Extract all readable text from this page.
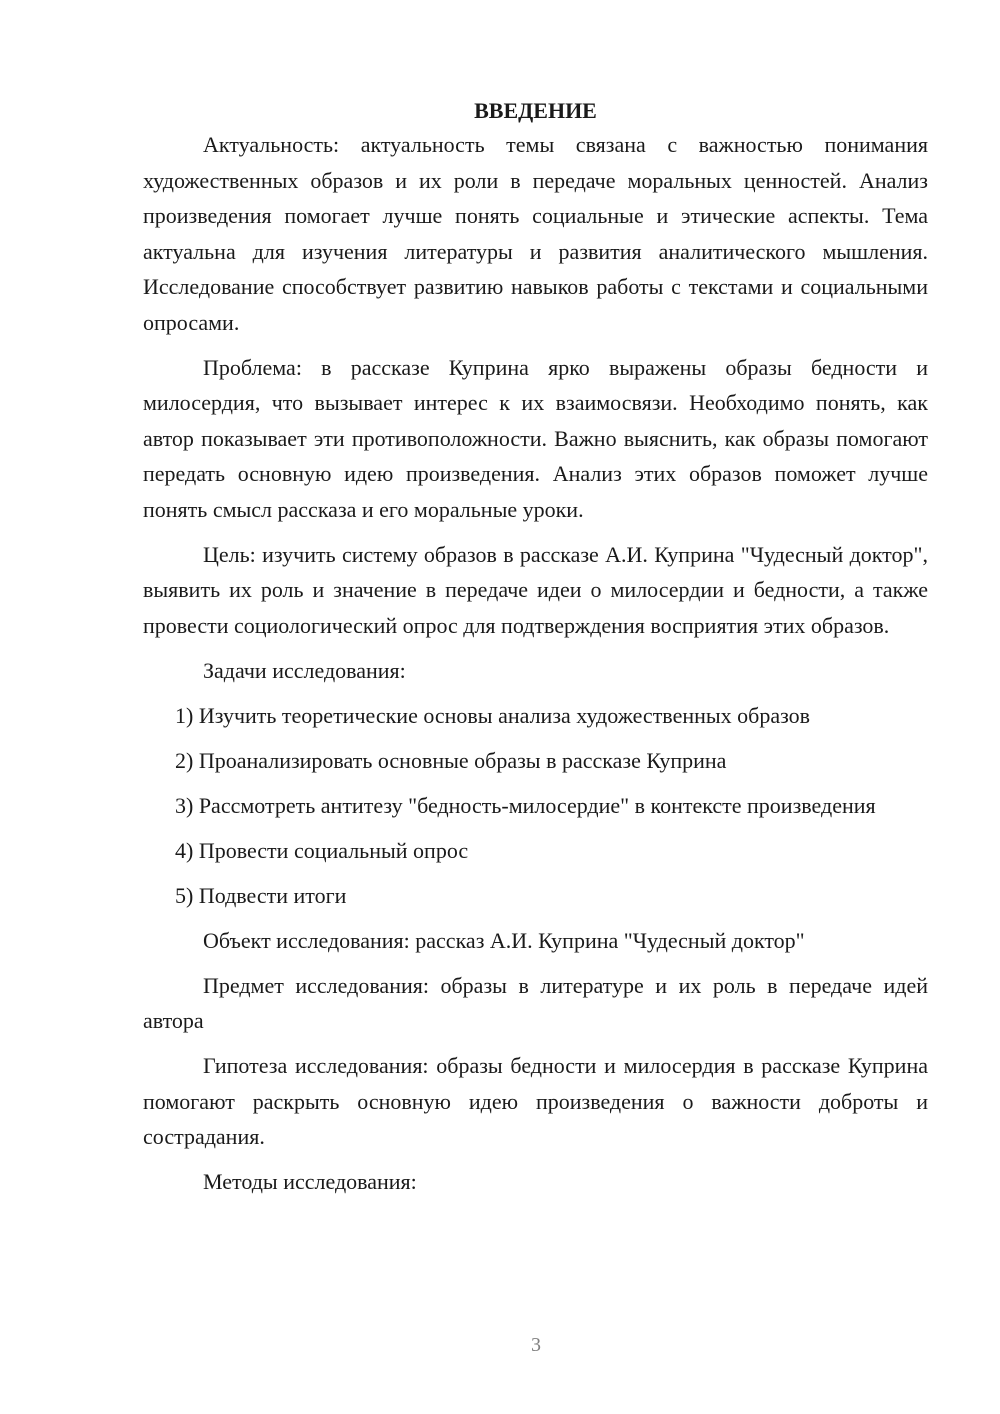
ВВЕДЕНИЕ

Актуальность: актуальность темы связана с важностью понимания художественных образов и их роли в передаче моральных ценностей. Анализ произведения помогает лучше понять социальные и этические аспекты. Тема актуальна для изучения литературы и развития аналитического мышления. Исследование способствует развитию навыков работы с текстами и социальными опросами.

Проблема: в рассказе Куприна ярко выражены образы бедности и милосердия, что вызывает интерес к их взаимосвязи. Необходимо понять, как автор показывает эти противоположности. Важно выяснить, как образы помогают передать основную идею произведения. Анализ этих образов поможет лучше понять смысл рассказа и его моральные уроки.

Цель: изучить систему образов в рассказе А.И. Куприна "Чудесный доктор", выявить их роль и значение в передаче идеи о милосердии и бедности, а также провести социологический опрос для подтверждения восприятия этих образов.

Задачи исследования:

1) Изучить теоретические основы анализа художественных образов

2) Проанализировать основные образы в рассказе Куприна

3) Рассмотреть антитезу "бедность-милосердие" в контексте произведения

4) Провести социальный опрос

5) Подвести итоги

Объект исследования: рассказ А.И. Куприна "Чудесный доктор"

Предмет исследования: образы в литературе и их роль в передаче идей автора

Гипотеза исследования: образы бедности и милосердия в рассказе Куприна помогают раскрыть основную идею произведения о важности доброты и сострадания.

Методы исследования:

3
